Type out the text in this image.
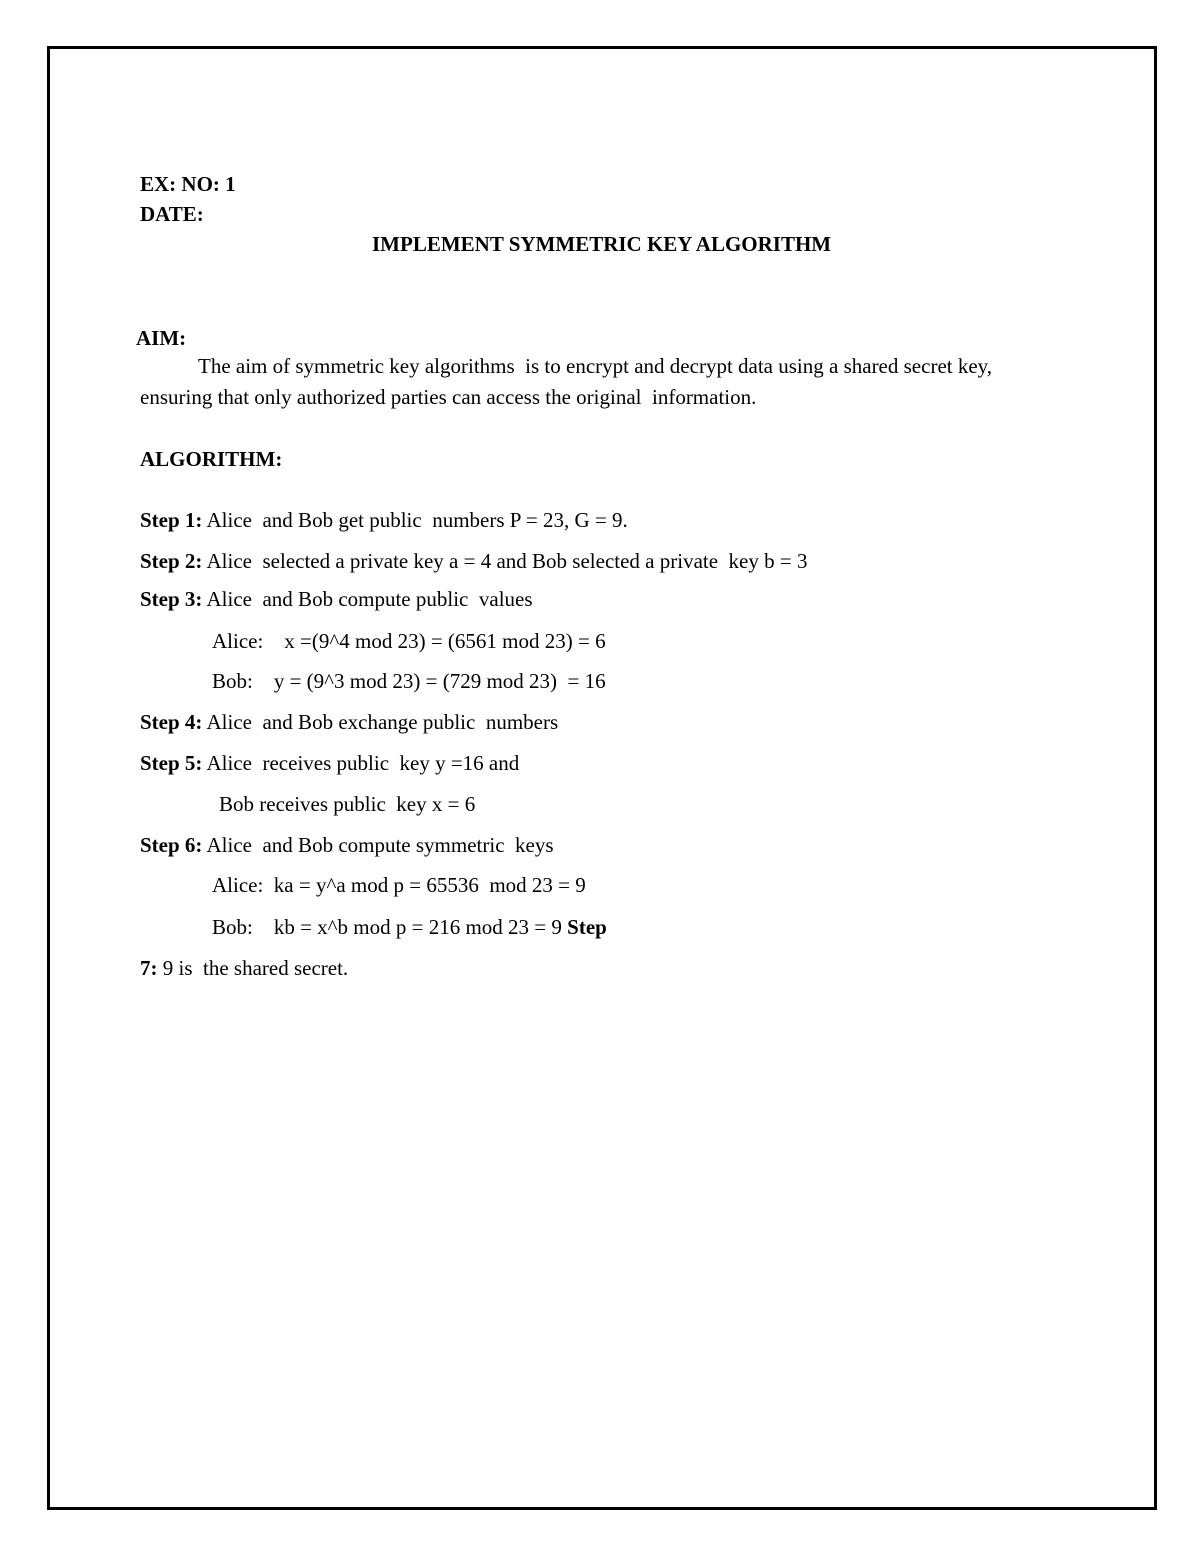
EX: NO: 1
DATE:
IMPLEMENT SYMMETRIC KEY ALGORITHM
AIM:
The aim of symmetric key algorithms  is to encrypt and decrypt data using a shared secret key,
ensuring that only authorized parties can access the original  information.
ALGORITHM:
Step 1: Alice  and Bob get public  numbers P = 23, G = 9.
Step 2: Alice  selected a private key a = 4 and Bob selected a private  key b = 3
Step 3: Alice  and Bob compute public  values
Alice:    x =(9^4 mod 23) = (6561 mod 23) = 6
Bob:    y = (9^3 mod 23) = (729 mod 23)  = 16
Step 4: Alice  and Bob exchange public  numbers
Step 5: Alice  receives public  key y =16 and
Bob receives public  key x = 6
Step 6: Alice  and Bob compute symmetric  keys
Alice:  ka = y^a mod p = 65536  mod 23 = 9
Bob:    kb = x^b mod p = 216 mod 23 = 9 Step
7: 9 is  the shared secret.
